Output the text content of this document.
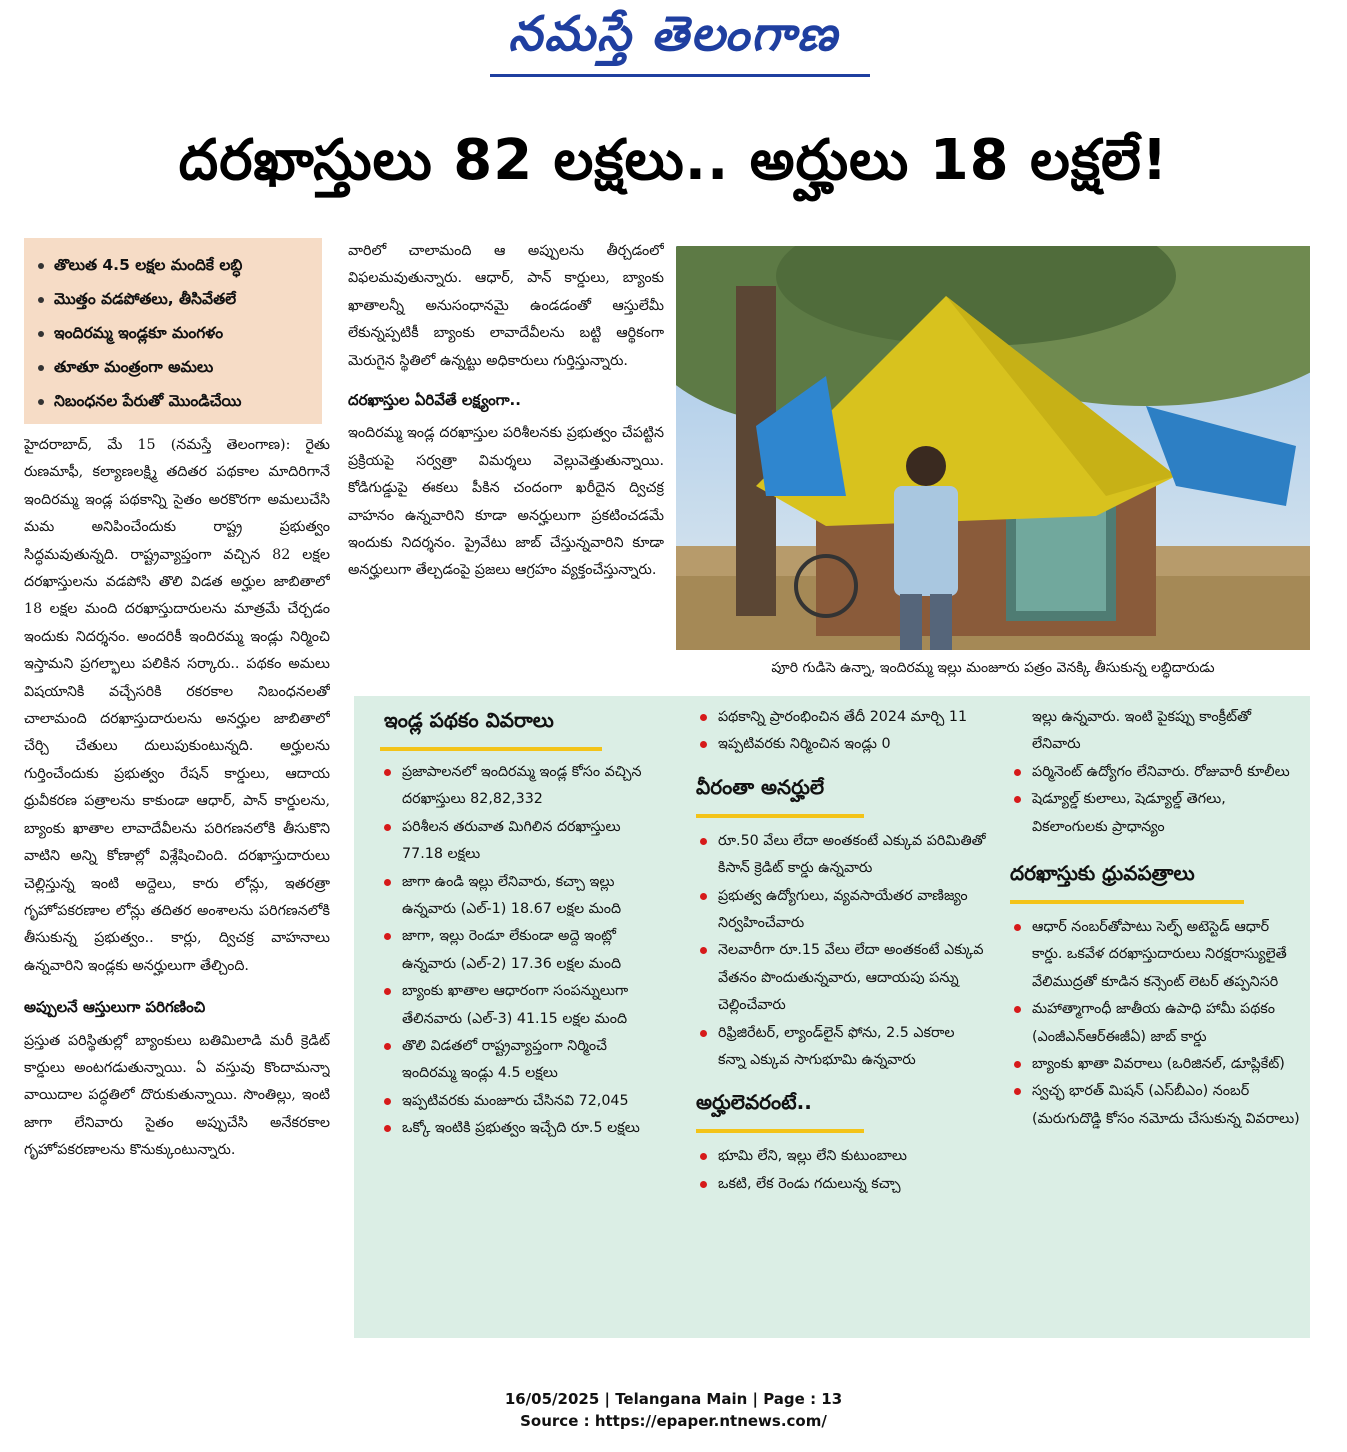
నమస్తే తెలంగాణ
దరఖాస్తులు 82 లక్షలు.. అర్హులు 18 లక్షలే!
తొలుత 4.5 లక్షల మందికే లబ్ధి
మొత్తం వడపోతలు, తీసివేతలే
ఇందిరమ్మ ఇండ్లకూ మంగళం
తూతూ మంత్రంగా అమలు
నిబంధనల పేరుతో మొండిచేయి

హైదరాబాద్, మే 15 (నమస్తే తెలంగాణ): రైతు రుణమాఫీ, కల్యాణలక్ష్మి తదితర పథకాల మాదిరిగానే ఇందిరమ్మ ఇండ్ల పథకాన్ని సైతం అరకొరగా అమలుచేసి మమ అనిపించేందుకు రాష్ట్ర ప్రభుత్వం సిద్ధమవుతున్నది. రాష్ట్రవ్యాప్తంగా వచ్చిన 82 లక్షల దరఖాస్తులను వడపోసి తొలి విడత అర్హుల జాబితాలో 18 లక్షల మంది దరఖాస్తుదారులను మాత్రమే చేర్చడం ఇందుకు నిదర్శనం. అందరికీ ఇందిరమ్మ ఇండ్లు నిర్మించి ఇస్తామని ప్రగల్భాలు పలికిన సర్కారు.. పథకం అమలు విషయానికి వచ్చేసరికి రకరకాల నిబంధనలతో చాలామంది దరఖాస్తుదారులను అనర్హుల జాబితాలో చేర్చి చేతులు దులుపుకుంటున్నది. అర్హులను గుర్తించేందుకు ప్రభుత్వం రేషన్ కార్డులు, ఆదాయ ధ్రువీకరణ పత్రాలను కాకుండా ఆధార్, పాన్ కార్డులను, బ్యాంకు ఖాతాల లావాదేవీలను పరిగణనలోకి తీసుకొని వాటిని అన్ని కోణాల్లో విశ్లేషించింది. దరఖాస్తుదారులు చెల్లిస్తున్న ఇంటి అద్దెలు, కారు లోన్లు, ఇతరత్రా గృహోపకరణాల లోన్లు తదితర అంశాలను పరిగణనలోకి తీసుకున్న ప్రభుత్వం.. కార్లు, ద్విచక్ర వాహనాలు ఉన్నవారిని ఇండ్లకు అనర్హులుగా తేల్చింది.

అప్పులనే ఆస్తులుగా పరిగణించి

ప్రస్తుత పరిస్థితుల్లో బ్యాంకులు బతిమిలాడి మరీ క్రెడిట్ కార్డులు అంటగడుతున్నాయి. ఏ వస్తువు కొందామన్నా వాయిదాల పద్ధతిలో దొరుకుతున్నాయి. సొంతిల్లు, ఇంటి జాగా లేనివారు సైతం అప్పుచేసి అనేకరకాల గృహోపకరణాలను కొనుక్కుంటున్నారు.

వారిలో చాలామంది ఆ అప్పులను తీర్చడంలో విఫలమవుతున్నారు. ఆధార్, పాన్ కార్డులు, బ్యాంకు ఖాతాలన్నీ అనుసంధానమై ఉండడంతో ఆస్తులేమీ లేకున్నప్పటికీ బ్యాంకు లావాదేవీలను బట్టి ఆర్థికంగా మెరుగైన స్థితిలో ఉన్నట్టు అధికారులు గుర్తిస్తున్నారు.

దరఖాస్తుల ఏరివేతే లక్ష్యంగా..

ఇందిరమ్మ ఇండ్ల దరఖాస్తుల పరిశీలనకు ప్రభుత్వం చేపట్టిన ప్రక్రియపై సర్వత్రా విమర్శలు వెల్లువెత్తుతున్నాయి. కోడిగుడ్డుపై ఈకలు పీకిన చందంగా ఖరీదైన ద్విచక్ర వాహనం ఉన్నవారిని కూడా అనర్హులుగా ప్రకటించడమే ఇందుకు నిదర్శనం. ప్రైవేటు జాబ్ చేస్తున్నవారిని కూడా అనర్హులుగా తేల్చడంపై ప్రజలు ఆగ్రహం వ్యక్తంచేస్తున్నారు.

పూరి గుడిసె ఉన్నా, ఇందిరమ్మ ఇల్లు మంజూరు పత్రం వెనక్కి తీసుకున్న లబ్ధిదారుడు
ఇండ్ల పథకం వివరాలు
ప్రజాపాలనలో ఇందిరమ్మ ఇండ్ల కోసం వచ్చిన దరఖాస్తులు 82,82,332
పరిశీలన తరువాత మిగిలిన దరఖాస్తులు 77.18 లక్షలు
జాగా ఉండి ఇల్లు లేనివారు, కచ్చా ఇల్లు ఉన్నవారు (ఎల్-1) 18.67 లక్షల మంది
జాగా, ఇల్లు రెండూ లేకుండా అద్దె ఇంట్లో ఉన్నవారు (ఎల్-2) 17.36 లక్షల మంది
బ్యాంకు ఖాతాల ఆధారంగా సంపన్నులుగా తేలినవారు (ఎల్-3) 41.15 లక్షల మంది
తొలి విడతలో రాష్ట్రవ్యాప్తంగా నిర్మించే ఇందిరమ్మ ఇండ్లు 4.5 లక్షలు
ఇప్పటివరకు మంజూరు చేసినవి 72,045
ఒక్కో ఇంటికి ప్రభుత్వం ఇచ్చేది రూ.5 లక్షలు
పథకాన్ని ప్రారంభించిన తేదీ 2024 మార్చి 11
ఇప్పటివరకు నిర్మించిన ఇండ్లు 0
వీరంతా అనర్హులే
రూ.50 వేలు లేదా అంతకంటే ఎక్కువ పరిమితితో కిసాన్ క్రెడిట్ కార్డు ఉన్నవారు
ప్రభుత్వ ఉద్యోగులు, వ్యవసాయేతర వాణిజ్యం నిర్వహించేవారు
నెలవారీగా రూ.15 వేలు లేదా అంతకంటే ఎక్కువ వేతనం పొందుతున్నవారు, ఆదాయపు పన్ను చెల్లించేవారు
రిఫ్రిజిరేటర్, ల్యాండ్‌లైన్ ఫోను, 2.5 ఎకరాల కన్నా ఎక్కువ సాగుభూమి ఉన్నవారు
అర్హులెవరంటే..
భూమి లేని, ఇల్లు లేని కుటుంబాలు
ఒకటి, లేక రెండు గదులున్న కచ్చా
ఇల్లు ఉన్నవారు. ఇంటి పైకప్పు కాంక్రీట్‌తో లేనివారు
పర్మినెంట్ ఉద్యోగం లేనివారు. రోజువారీ కూలీలు
షెడ్యూల్డ్ కులాలు, షెడ్యూల్డ్ తెగలు, వికలాంగులకు ప్రాధాన్యం
దరఖాస్తుకు ధ్రువపత్రాలు
ఆధార్ నంబర్‌తోపాటు సెల్ఫ్ అటెస్టెడ్ ఆధార్ కార్డు. ఒకవేళ దరఖాస్తుదారులు నిరక్షరాస్యులైతే వేలిముద్రతో కూడిన కన్సెంట్ లెటర్ తప్పనిసరి
మహాత్మాగాంధీ జాతీయ ఉపాధి హామీ పథకం (ఎంజీఎన్ఆర్ఈజీఏ) జాబ్ కార్డు
బ్యాంకు ఖాతా వివరాలు (ఒరిజినల్, డూప్లికేట్)
స్వచ్ఛ భారత్ మిషన్ (ఎస్‌బీఎం) నంబర్ (మరుగుదొడ్డి కోసం నమోదు చేసుకున్న వివరాలు)
16/05/2025 | Telangana Main | Page : 13
Source : https://epaper.ntnews.com/
